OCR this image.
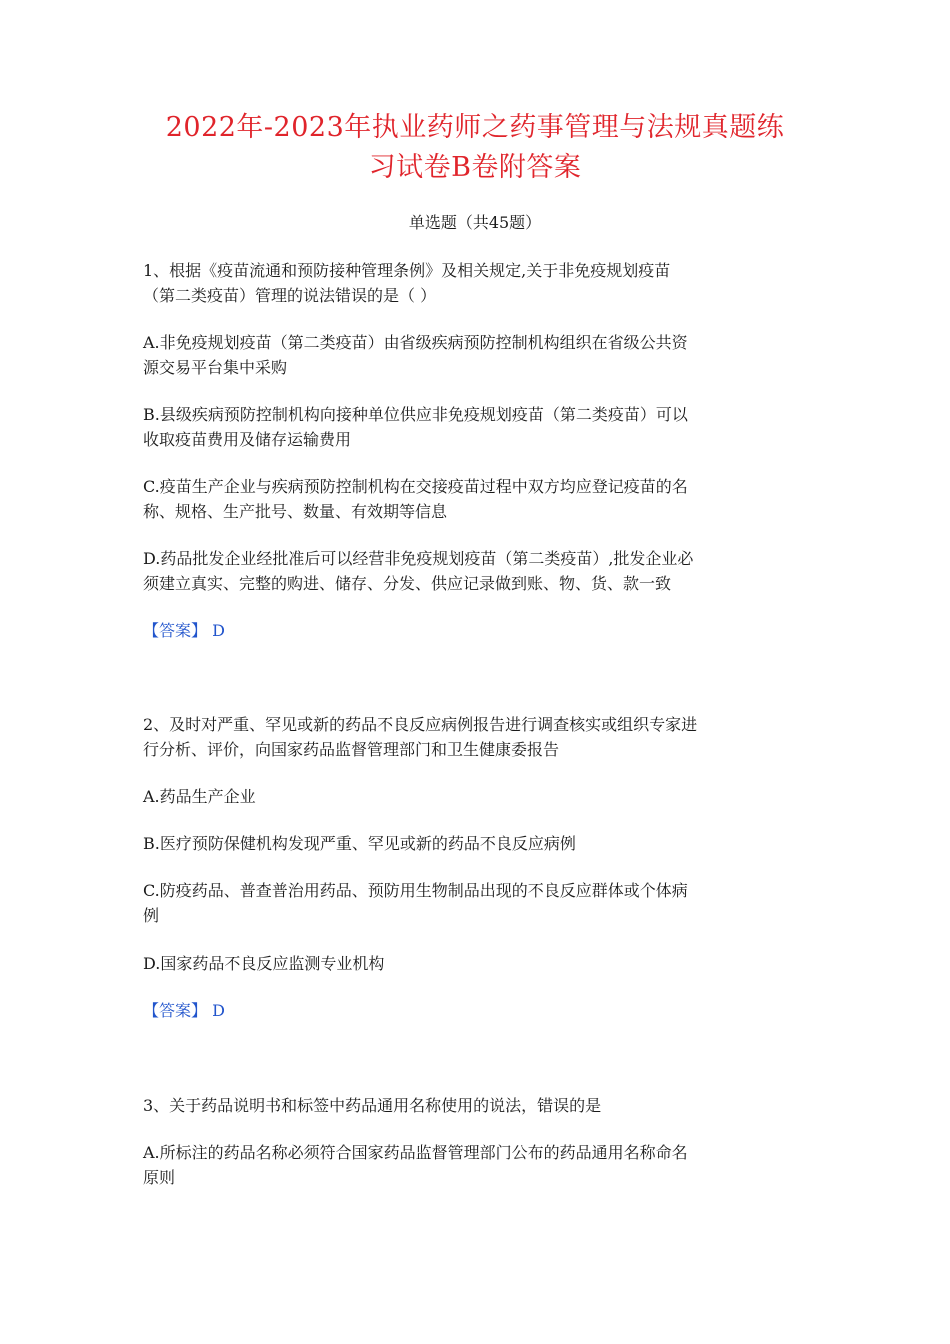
2022年-2023年执业药师之药事管理与法规真题练
习试卷B卷附答案
单选题（共45题）
1、根据《疫苗流通和预防接种管理条例》及相关规定,关于非免疫规划疫苗
（第二类疫苗）管理的说法错误的是（ ）
A.非免疫规划疫苗（第二类疫苗）由省级疾病预防控制机构组织在省级公共资
源交易平台集中采购
B.县级疾病预防控制机构向接种单位供应非免疫规划疫苗（第二类疫苗）可以
收取疫苗费用及储存运输费用
C.疫苗生产企业与疾病预防控制机构在交接疫苗过程中双方均应登记疫苗的名
称、规格、生产批号、数量、有效期等信息
D.药品批发企业经批准后可以经营非免疫规划疫苗（第二类疫苗）,批发企业必
须建立真实、完整的购进、储存、分发、供应记录做到账、物、货、款一致
【答案】 D
2、及时对严重、罕见或新的药品不良反应病例报告进行调查核实或组织专家进
行分析、评价，向国家药品监督管理部门和卫生健康委报告
A.药品生产企业
B.医疗预防保健机构发现严重、罕见或新的药品不良反应病例
C.防疫药品、普查普治用药品、预防用生物制品出现的不良反应群体或个体病
例
D.国家药品不良反应监测专业机构
【答案】 D
3、关于药品说明书和标签中药品通用名称使用的说法，错误的是
A.所标注的药品名称必须符合国家药品监督管理部门公布的药品通用名称命名
原则
